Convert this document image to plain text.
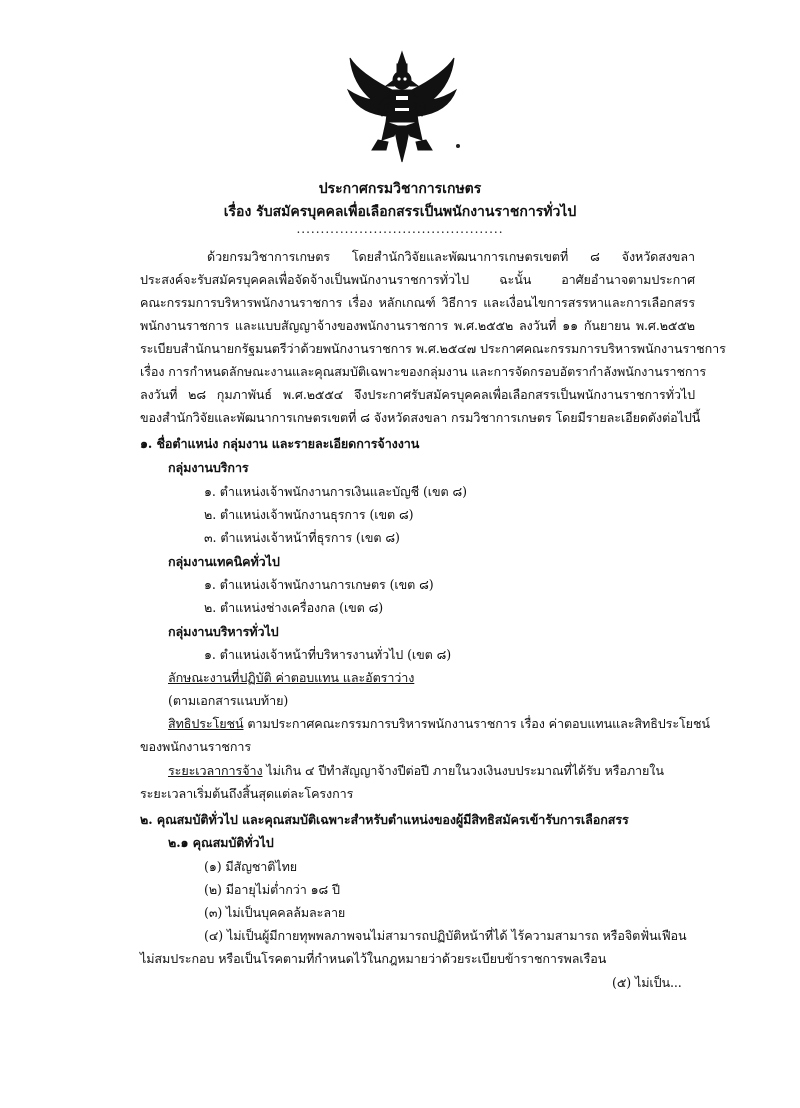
ประกาศกรมวิชาการเกษตร
เรื่อง รับสมัครบุคคลเพื่อเลือกสรรเป็นพนักงานราชการทั่วไป
...........................................
ด้วยกรมวิชาการเกษตร โดยสำนักวิจัยและพัฒนาการเกษตรเขตที่ ๘ จังหวัดสงขลา
ประสงค์จะรับสมัครบุคคลเพื่อจัดจ้างเป็นพนักงานราชการทั่วไป ฉะนั้น อาศัยอำนาจตามประกาศ
คณะกรรมการบริหารพนักงานราชการ เรื่อง หลักเกณฑ์ วิธีการ และเงื่อนไขการสรรหาและการเลือกสรร
พนักงานราชการ และแบบสัญญาจ้างของพนักงานราชการ พ.ศ.๒๕๕๒ ลงวันที่ ๑๑ กันยายน พ.ศ.๒๕๕๒
ระเบียบสำนักนายกรัฐมนตรีว่าด้วยพนักงานราชการ พ.ศ.๒๕๔๗ ประกาศคณะกรรมการบริหารพนักงานราชการ
เรื่อง การกำหนดลักษณะงานและคุณสมบัติเฉพาะของกลุ่มงาน และการจัดกรอบอัตรากำลังพนักงานราชการ
ลงวันที่ ๒๘ กุมภาพันธ์ พ.ศ.๒๕๕๔ จึงประกาศรับสมัครบุคคลเพื่อเลือกสรรเป็นพนักงานราชการทั่วไป
ของสำนักวิจัยและพัฒนาการเกษตรเขตที่ ๘ จังหวัดสงขลา กรมวิชาการเกษตร โดยมีรายละเอียดดังต่อไปนี้
๑. ชื่อตำแหน่ง กลุ่มงาน และรายละเอียดการจ้างงาน
กลุ่มงานบริการ
๑. ตำแหน่งเจ้าพนักงานการเงินและบัญชี (เขต ๘)
๒. ตำแหน่งเจ้าพนักงานธุรการ (เขต ๘)
๓. ตำแหน่งเจ้าหน้าที่ธุรการ (เขต ๘)
กลุ่มงานเทคนิคทั่วไป
๑. ตำแหน่งเจ้าพนักงานการเกษตร (เขต ๘)
๒. ตำแหน่งช่างเครื่องกล (เขต ๘)
กลุ่มงานบริหารทั่วไป
๑. ตำแหน่งเจ้าหน้าที่บริหารงานทั่วไป (เขต ๘)
ลักษณะงานที่ปฏิบัติ ค่าตอบแทน และอัตราว่าง
(ตามเอกสารแนบท้าย)
สิทธิประโยชน์ ตามประกาศคณะกรรมการบริหารพนักงานราชการ เรื่อง ค่าตอบแทนและสิทธิประโยชน์
ของพนักงานราชการ
ระยะเวลาการจ้าง ไม่เกิน ๔ ปีทำสัญญาจ้างปีต่อปี ภายในวงเงินงบประมาณที่ได้รับ หรือภายใน
ระยะเวลาเริ่มต้นถึงสิ้นสุดแต่ละโครงการ
๒. คุณสมบัติทั่วไป และคุณสมบัติเฉพาะสำหรับตำแหน่งของผู้มีสิทธิสมัครเข้ารับการเลือกสรร
๒.๑ คุณสมบัติทั่วไป
(๑) มีสัญชาติไทย
(๒) มีอายุไม่ต่ำกว่า ๑๘ ปี
(๓) ไม่เป็นบุคคลล้มละลาย
(๔) ไม่เป็นผู้มีกายทุพพลภาพจนไม่สามารถปฏิบัติหน้าที่ได้ ไร้ความสามารถ หรือจิตฟั่นเฟือน
ไม่สมประกอบ หรือเป็นโรคตามที่กำหนดไว้ในกฎหมายว่าด้วยระเบียบข้าราชการพลเรือน
(๕) ไม่เป็น...
